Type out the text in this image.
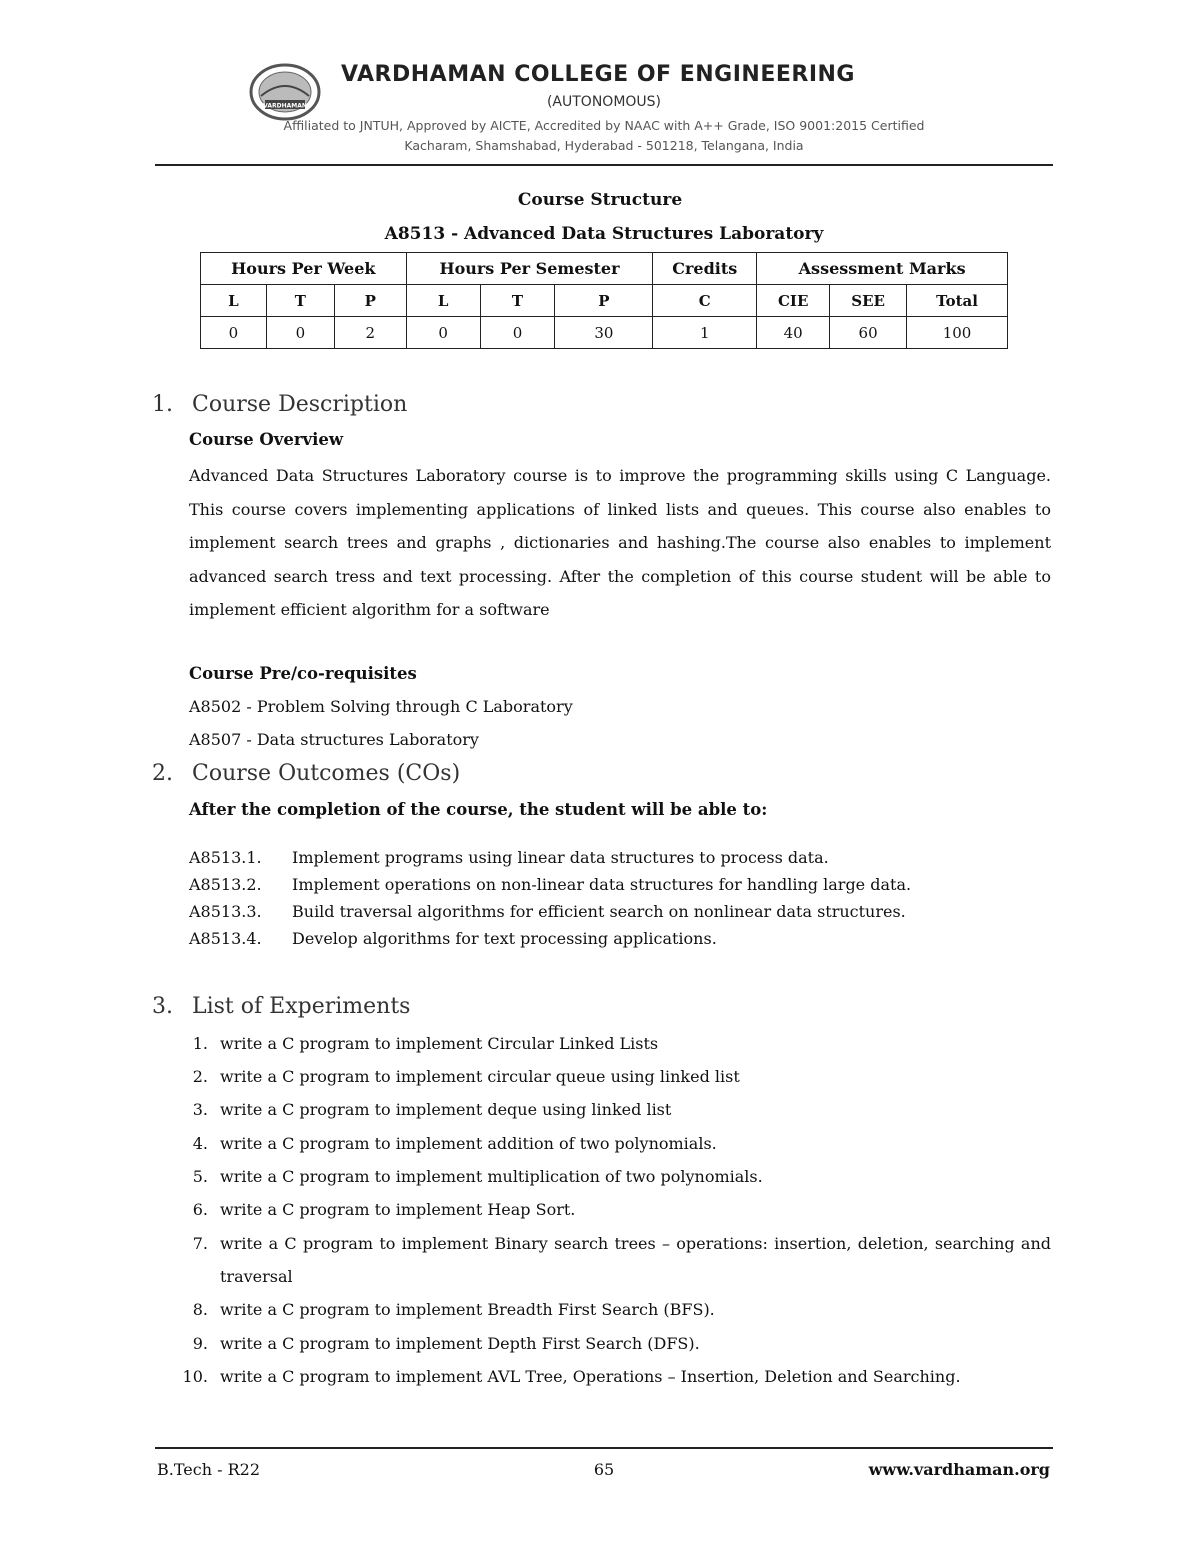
VARDHAMAN
VARDHAMAN COLLEGE OF ENGINEERING
(AUTONOMOUS)
Affiliated to JNTUH, Approved by AICTE, Accredited by NAAC with A++ Grade, ISO 9001:2015 Certified
Kacharam, Shamshabad, Hyderabad - 501218, Telangana, India
Course Structure
A8513 - Advanced Data Structures Laboratory
Hours Per Week			Hours Per Semester			Credits	Assessment Marks		
L	T	P	L	T	P	C	CIE	SEE	Total
0	0	2	0	0	30	1	40	60	100
1. Course Description
Course Overview

Advanced Data Structures Laboratory course is to improve the programming skills using C Language. This course covers implementing applications of linked lists and queues. This course also enables to implement search trees and graphs , dictionaries and hashing.The course also enables to implement advanced search tress and text processing. After the completion of this course student will be able to implement efficient algorithm for a software

Course Pre/co-requisites
A8502 - Problem Solving through C Laboratory
A8507 - Data structures Laboratory
2. Course Outcomes (COs)
After the completion of the course, the student will be able to:
A8513.1. Implement programs using linear data structures to process data.
A8513.2. Implement operations on non-linear data structures for handling large data.
A8513.3. Build traversal algorithms for efficient search on nonlinear data structures.
A8513.4. Develop algorithms for text processing applications.
3. List of Experiments
1. write a C program to implement Circular Linked Lists
2. write a C program to implement circular queue using linked list
3. write a C program to implement deque using linked list
4. write a C program to implement addition of two polynomials.
5. write a C program to implement multiplication of two polynomials.
6. write a C program to implement Heap Sort.
7. write a C program to implement Binary search trees – operations: insertion, deletion, searching and traversal
8. write a C program to implement Breadth First Search (BFS).
9. write a C program to implement Depth First Search (DFS).
10. write a C program to implement AVL Tree, Operations – Insertion, Deletion and Searching.
B.Tech - R22	65	www.vardhaman.org
